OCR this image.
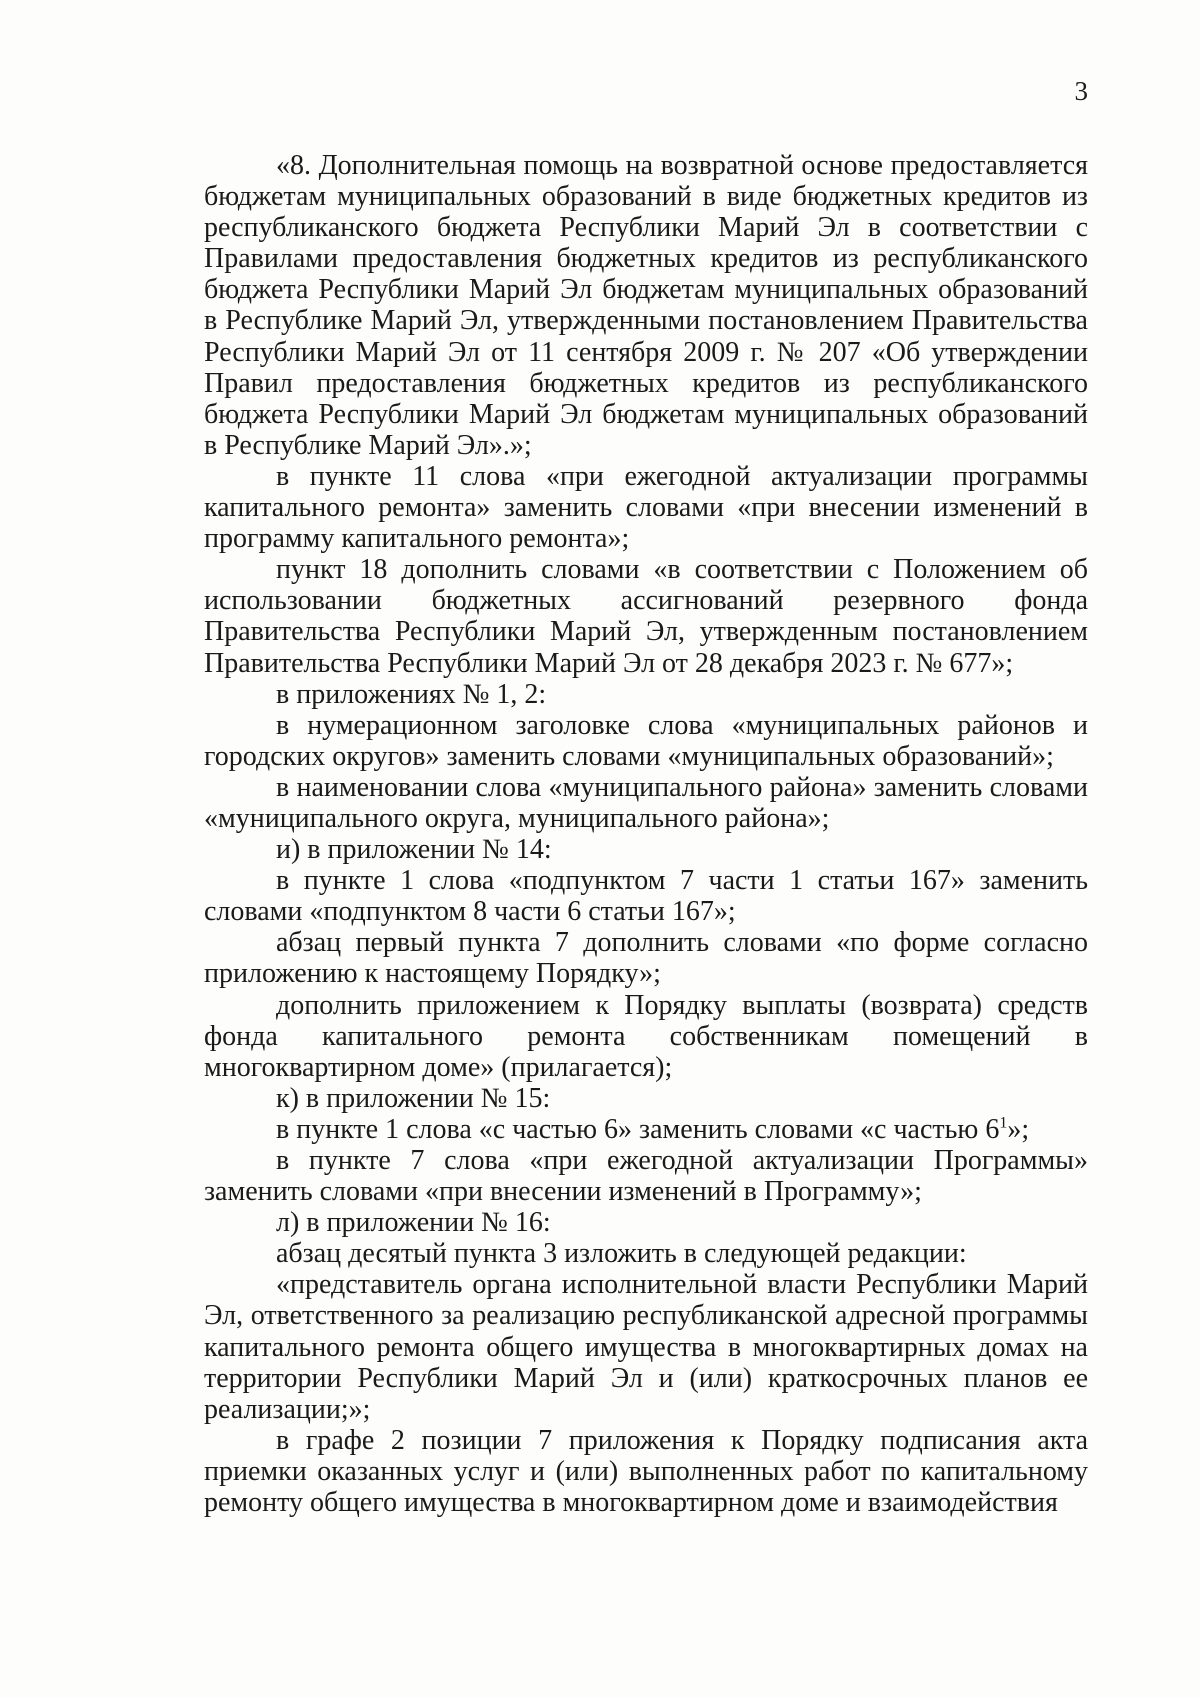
3

«8. Дополнительная помощь на возвратной основе предоставляется бюджетам муниципальных образований в виде бюджетных кредитов из республиканского бюджета Республики Марий Эл в соответствии с Правилами предоставления бюджетных кредитов из республиканского бюджета Республики Марий Эл бюджетам муниципальных образований в Республике Марий Эл, утвержденными постановлением Правительства Республики Марий Эл от 11 сентября 2009 г. № 207 «Об утверждении Правил предоставления бюджетных кредитов из республиканского бюджета Республики Марий Эл бюджетам муниципальных образований в Республике Марий Эл».»;

в пункте 11 слова «при ежегодной актуализации программы капитального ремонта» заменить словами «при внесении изменений в программу капитального ремонта»;

пункт 18 дополнить словами «в соответствии с Положением об использовании бюджетных ассигнований резервного фонда Правительства Республики Марий Эл, утвержденным постановлением Правительства Республики Марий Эл от 28 декабря 2023 г. № 677»;

в приложениях № 1, 2:

в нумерационном заголовке слова «муниципальных районов и городских округов» заменить словами «муниципальных образований»;

в наименовании слова «муниципального района» заменить словами «муниципального округа, муниципального района»;

и) в приложении № 14:

в пункте 1 слова «подпунктом 7 части 1 статьи 167» заменить словами «подпунктом 8 части 6 статьи 167»;

абзац первый пункта 7 дополнить словами «по форме согласно приложению к настоящему Порядку»;

дополнить приложением к Порядку выплаты (возврата) средств фонда капитального ремонта собственникам помещений в многоквартирном доме» (прилагается);

к) в приложении № 15:

в пункте 1 слова «с частью 6» заменить словами «с частью $6^1$»;

в пункте 7 слова «при ежегодной актуализации Программы» заменить словами «при внесении изменений в Программу»;

л) в приложении № 16:

абзац десятый пункта 3 изложить в следующей редакции:

«представитель органа исполнительной власти Республики Марий Эл, ответственного за реализацию республиканской адресной программы капитального ремонта общего имущества в многоквартирных домах на территории Республики Марий Эл и (или) краткосрочных планов ее реализации;»;

в графе 2 позиции 7 приложения к Порядку подписания акта приемки оказанных услуг и (или) выполненных работ по капитальному ремонту общего имущества в многоквартирном доме и взаимодействия
